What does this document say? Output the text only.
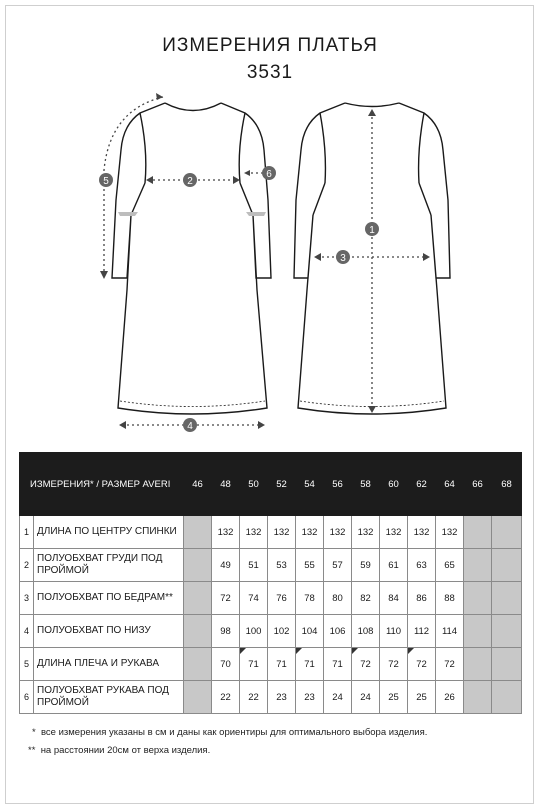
ИЗМЕРЕНИЯ ПЛАТЬЯ
3531
5	2
6
4
1
3
ИЗМЕРЕНИЯ* / РАЗМЕР AVERI		46	48	50	52	54	56	58	60	62	64	66	68
1	ДЛИНА ПО ЦЕНТРУ СПИНКИ		132	132	132	132	132	132	132	132	132		
2	ПОЛУОБХВАТ ГРУДИ ПОД ПРОЙМОЙ		49	51	53	55	57	59	61	63	65		
3	ПОЛУОБХВАТ ПО БЕДРАМ**		72	74	76	78	80	82	84	86	88		
4	ПОЛУОБХВАТ ПО НИЗУ		98	100	102	104	106	108	110	112	114		
5	ДЛИНА ПЛЕЧА И РУКАВА		70	71	71	71	71	72	72	72	72		
6	ПОЛУОБХВАТ РУКАВА ПОД ПРОЙМОЙ		22	22	23	23	24	24	25	25	26		
* все измерения указаны в см и даны как ориентиры для оптимального выбора изделия.
** на расстоянии 20см от верха изделия.
